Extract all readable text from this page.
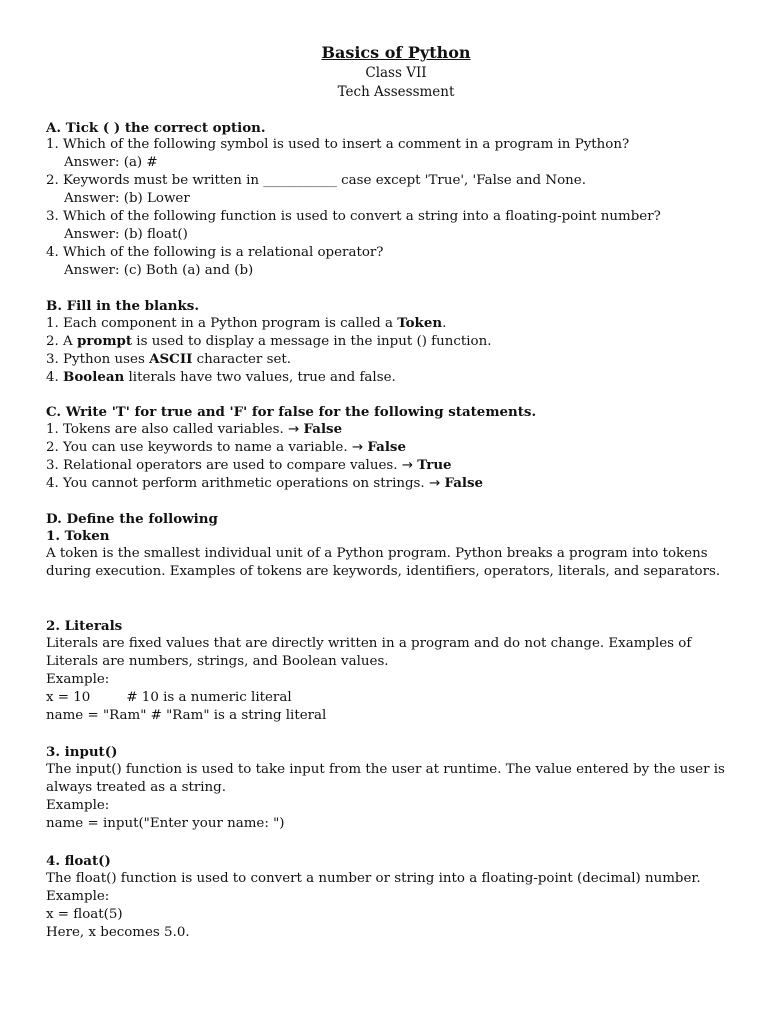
Basics of Python
Class VII
Tech Assessment
A. Tick ( ) the correct option.
1. Which of the following symbol is used to insert a comment in a program in Python?
Answer: (a) #
2. Keywords must be written in ___________ case except 'True', 'False and None.
Answer: (b) Lower
3. Which of the following function is used to convert a string into a floating-point number?
Answer: (b) float()
4. Which of the following is a relational operator?
Answer: (c) Both (a) and (b)
B. Fill in the blanks.
1. Each component in a Python program is called a Token.
2. A prompt is used to display a message in the input () function.
3. Python uses ASCII character set.
4. Boolean literals have two values, true and false.
C. Write 'T' for true and 'F' for false for the following statements.
1. Tokens are also called variables. → False
2. You can use keywords to name a variable. → False
3. Relational operators are used to compare values. → True
4. You cannot perform arithmetic operations on strings. → False
D. Define the following
1. Token
A token is the smallest individual unit of a Python program. Python breaks a program into tokens during execution. Examples of tokens are keywords, identifiers, operators, literals, and separators.
2. Literals
Literals are fixed values that are directly written in a program and do not change. Examples of Literals are numbers, strings, and Boolean values.
Example:
x = 10	# 10 is a numeric literal
name = "Ram" # "Ram" is a string literal
3. input()
The input() function is used to take input from the user at runtime. The value entered by the user is always treated as a string.
Example:
name = input("Enter your name: ")
4. float()
The float() function is used to convert a number or string into a floating-point (decimal) number.
Example:
x = float(5)
Here, x becomes 5.0.
